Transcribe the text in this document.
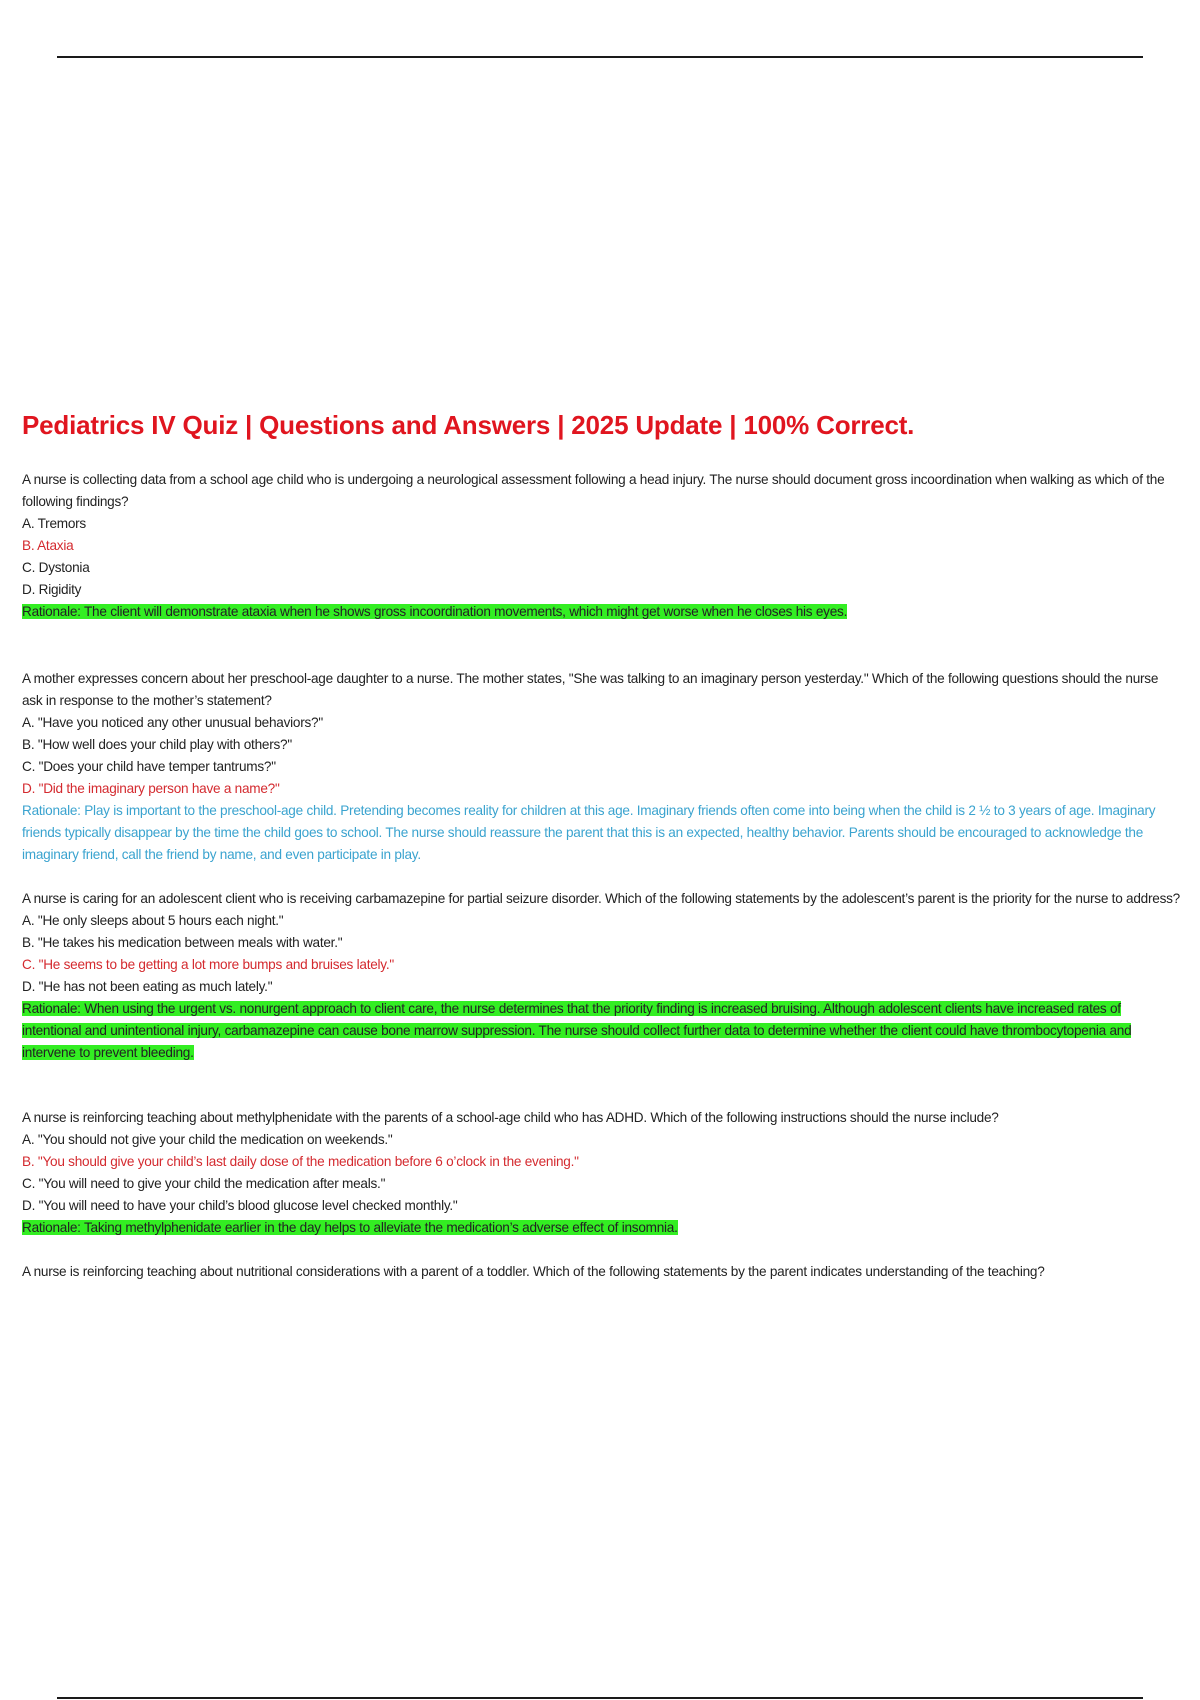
Pediatrics IV Quiz | Questions and Answers | 2025 Update | 100% Correct.

A nurse is collecting data from a school age child who is undergoing a neurological assessment following a head injury. The nurse should document gross incoordination when walking as which of the following findings?

A. Tremors

B. Ataxia

C. Dystonia

D. Rigidity

Rationale: The client will demonstrate ataxia when he shows gross incoordination movements, which might get worse when he closes his eyes.

A mother expresses concern about her preschool-age daughter to a nurse. The mother states, "She was talking to an imaginary person yesterday." Which of the following questions should the nurse ask in response to the mother’s statement?

A. "Have you noticed any other unusual behaviors?"

B. "How well does your child play with others?"

C. "Does your child have temper tantrums?"

D. "Did the imaginary person have a name?"

Rationale: Play is important to the preschool-age child. Pretending becomes reality for children at this age. Imaginary friends often come into being when the child is 2 ½ to 3 years of age. Imaginary friends typically disappear by the time the child goes to school. The nurse should reassure the parent that this is an expected, healthy behavior. Parents should be encouraged to acknowledge the imaginary friend, call the friend by name, and even participate in play.

A nurse is caring for an adolescent client who is receiving carbamazepine for partial seizure disorder. Which of the following statements by the adolescent’s parent is the priority for the nurse to address?

A. "He only sleeps about 5 hours each night."

B. "He takes his medication between meals with water."

C. "He seems to be getting a lot more bumps and bruises lately."

D. "He has not been eating as much lately."

Rationale: When using the urgent vs. nonurgent approach to client care, the nurse determines that the priority finding is increased bruising. Although adolescent clients have increased rates of intentional and unintentional injury, carbamazepine can cause bone marrow suppression. The nurse should collect further data to determine whether the client could have thrombocytopenia and intervene to prevent bleeding.

A nurse is reinforcing teaching about methylphenidate with the parents of a school-age child who has ADHD. Which of the following instructions should the nurse include?

A. "You should not give your child the medication on weekends."

B. "You should give your child’s last daily dose of the medication before 6 o’clock in the evening."

C. "You will need to give your child the medication after meals."

D. "You will need to have your child’s blood glucose level checked monthly."

Rationale: Taking methylphenidate earlier in the day helps to alleviate the medication’s adverse effect of insomnia.

A nurse is reinforcing teaching about nutritional considerations with a parent of a toddler. Which of the following statements by the parent indicates understanding of the teaching?
